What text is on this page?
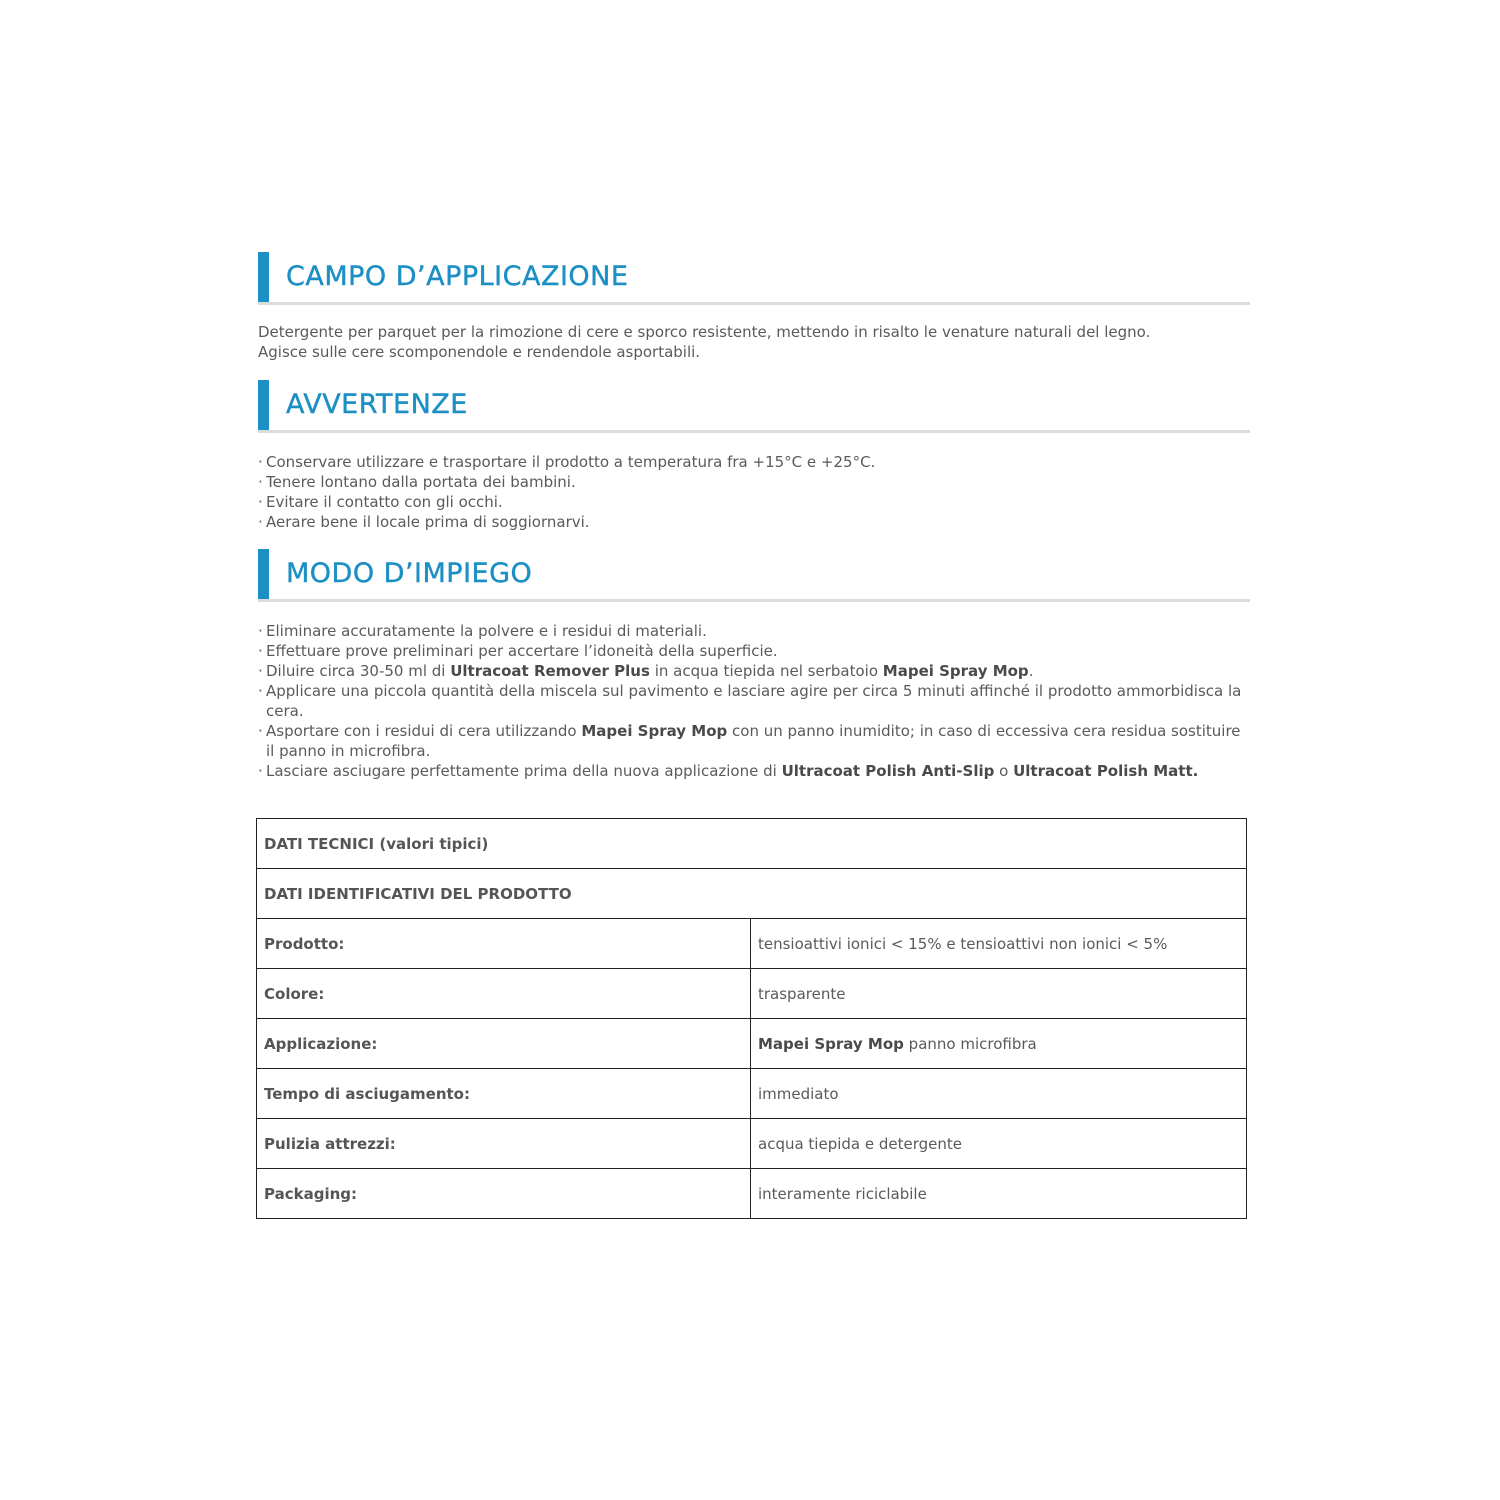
CAMPO D’APPLICAZIONE

Detergente per parquet per la rimozione di cere e sporco resistente, mettendo in risalto le venature naturali del legno.

Agisce sulle cere scomponendole e rendendole asportabili.

AVVERTENZE
· Conservare utilizzare e trasportare il prodotto a temperatura fra +15°C e +25°C.
· Tenere lontano dalla portata dei bambini.
· Evitare il contatto con gli occhi.
· Aerare bene il locale prima di soggiornarvi.
MODO D’IMPIEGO
· Eliminare accuratamente la polvere e i residui di materiali.
· Effettuare prove preliminari per accertare l’idoneità della superficie.
· Diluire circa 30-50 ml di Ultracoat Remover Plus in acqua tiepida nel serbatoio Mapei Spray Mop.
· Applicare una piccola quantità della miscela sul pavimento e lasciare agire per circa 5 minuti affinché il prodotto ammorbidisca la cera.
· Asportare con i residui di cera utilizzando Mapei Spray Mop con un panno inumidito; in caso di eccessiva cera residua sostituire il panno in microfibra.
· Lasciare asciugare perfettamente prima della nuova applicazione di Ultracoat Polish Anti-Slip o Ultracoat Polish Matt.
DATI TECNICI (valori tipici)	
DATI IDENTIFICATIVI DEL PRODOTTO	
Prodotto:	tensioattivi ionici < 15% e tensioattivi non ionici < 5%
Colore:	trasparente
Applicazione:	Mapei Spray Mop panno microfibra
Tempo di asciugamento:	immediato
Pulizia attrezzi:	acqua tiepida e detergente
Packaging:	interamente riciclabile
